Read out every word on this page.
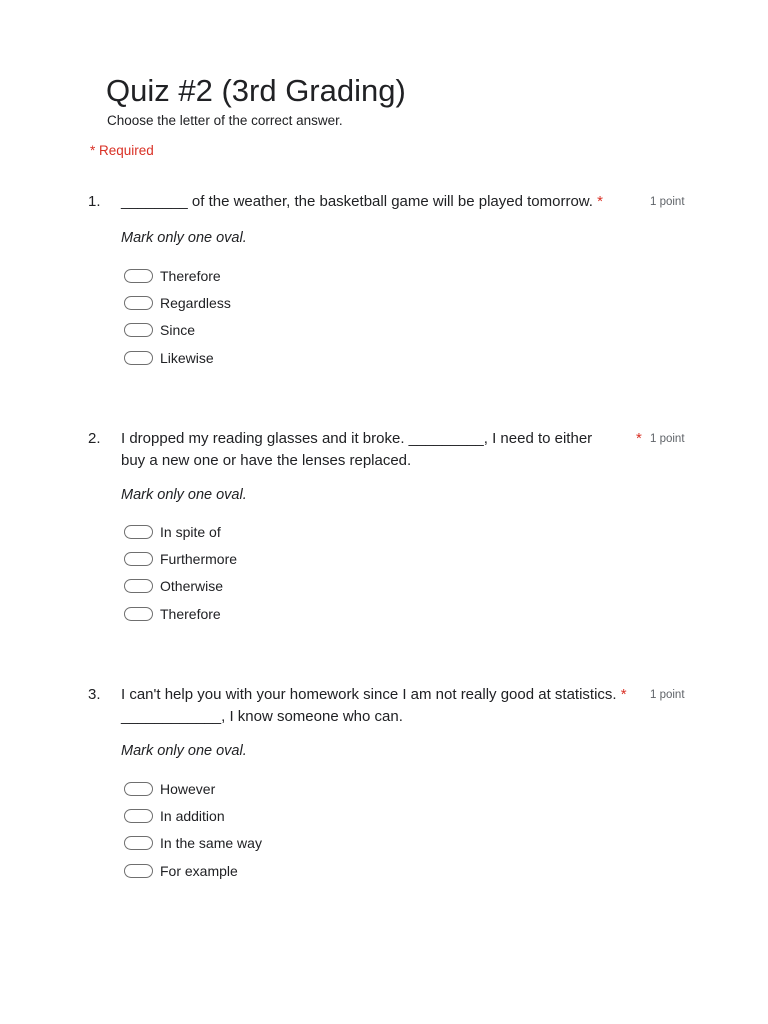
Quiz #2 (3rd Grading)
Choose the letter of the correct answer.
* Required
1. ________ of the weather, the basketball game will be played tomorrow. *	1 point
Mark only one oval.
Therefore
Regardless
Since
Likewise
2. I dropped my reading glasses and it broke. _________, I need to either
buy a new one or have the lenses replaced.
* 1 point
Mark only one oval.
In spite of
Furthermore
Otherwise
Therefore
3. I can't help you with your homework since I am not really good at statistics. *
____________, I know someone who can.
1 point
Mark only one oval.
However
In addition
In the same way
For example
